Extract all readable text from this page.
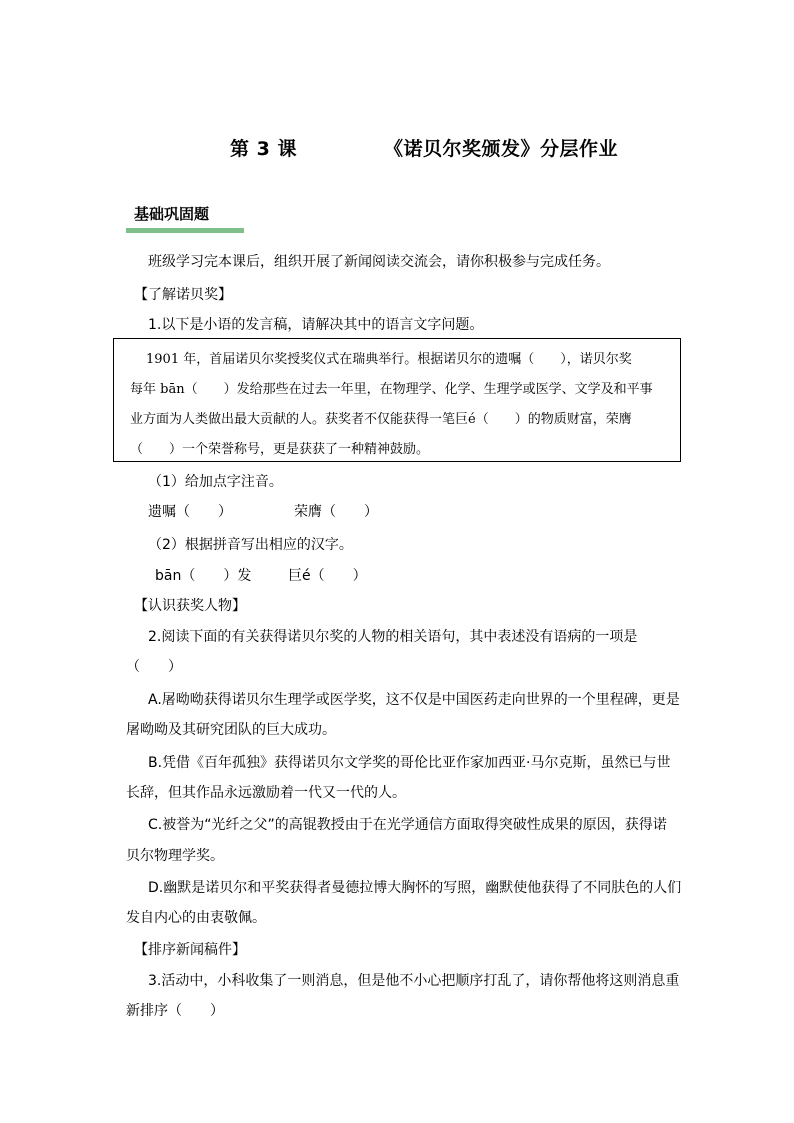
第 3 课	《诺贝尔奖颁发》分层作业
基础巩固题
班级学习完本课后，组织开展了新闻阅读交流会，请你积极参与完成任务。
【了解诺贝奖】
1.以下是小语的发言稿，请解决其中的语言文字问题。
1901 年，首届诺贝尔奖授奖仪式在瑞典举行。根据诺贝尔的遗嘱（　　），诺贝尔奖
每年 bān（　　）发给那些在过去一年里，在物理学、化学、生理学或医学、文学及和平事
业方面为人类做出最大贡献的人。获奖者不仅能获得一笔巨é（　　）的物质财富，荣膺
（　　）一个荣誉称号，更是获获了一种精神鼓励。
（1）给加点字注音。
遗嘱（　　）	荣膺（　　）
（2）根据拼音写出相应的汉字。
bān（　　）发	巨é（　　）
【认识获奖人物】
2.阅读下面的有关获得诺贝尔奖的人物的相关语句，其中表述没有语病的一项是
（　　）
A.屠呦呦获得诺贝尔生理学或医学奖，这不仅是中国医药走向世界的一个里程碑，更是
屠呦呦及其研究团队的巨大成功。
B.凭借《百年孤独》获得诺贝尔文学奖的哥伦比亚作家加西亚·马尔克斯，虽然已与世
长辞，但其作品永远激励着一代又一代的人。
C.被誉为“光纤之父”的高锟教授由于在光学通信方面取得突破性成果的原因，获得诺
贝尔物理学奖。
D.幽默是诺贝尔和平奖获得者曼德拉博大胸怀的写照，幽默使他获得了不同肤色的人们
发自内心的由衷敬佩。
【排序新闻稿件】
3.活动中，小科收集了一则消息，但是他不小心把顺序打乱了，请你帮他将这则消息重
新排序（　　）
